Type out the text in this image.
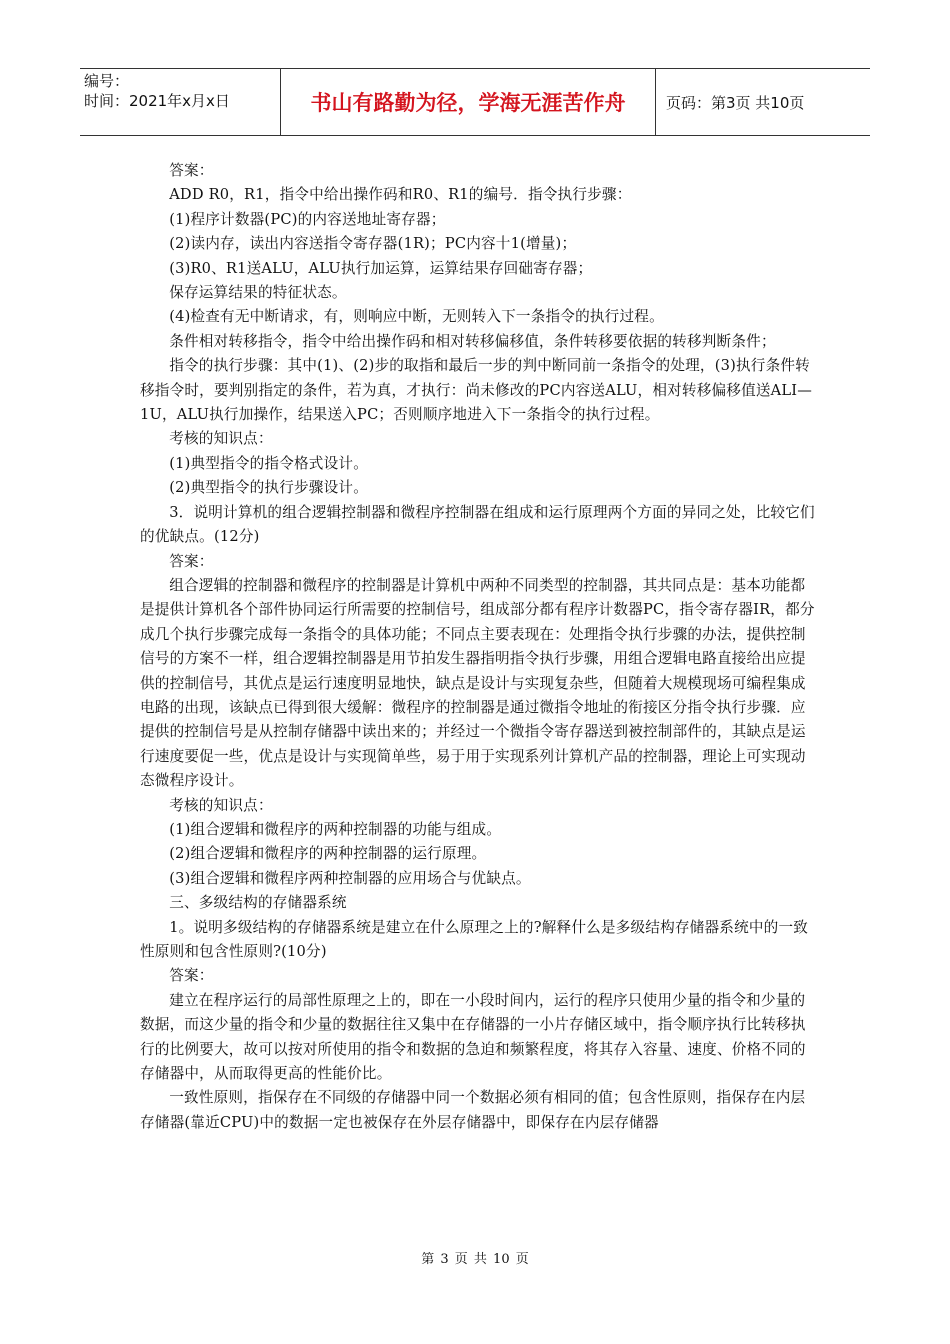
编号：
时间：2021年x月x日	书山有路勤为径，学海无涯苦作舟	页码：第3页 共10页

答案：

ADD R0，R1，指令中给出操作码和R0、R1的编号．指令执行步骤：

(1)程序计数器(PC)的内容送地址寄存器；

(2)读内存，读出内容送指令寄存器(1R)；PC内容十1(增量)；

(3)R0、R1送ALU，ALU执行加运算，运算结果存回础寄存器；

保存运算结果的特征状态。

(4)检查有无中断请求，有，则响应中断，无则转入下一条指令的执行过程。

条件相对转移指令，指令中给出操作码和相对转移偏移值，条件转移要依据的转移判断条件；

指令的执行步骤：其中(1)、(2)步的取指和最后一步的判中断同前一条指令的处理，(3)执行条件转移指令时，要判别指定的条件，若为真，才执行：尚未修改的PC内容送ALU，相对转移偏移值送ALI—1U，ALU执行加操作，结果送入PC；否则顺序地进入下一条指令的执行过程。

考核的知识点：

(1)典型指令的指令格式设计。

(2)典型指令的执行步骤设计。

3．说明计算机的组合逻辑控制器和微程序控制器在组成和运行原理两个方面的异同之处，比较它们的优缺点。(12分)

答案：

组合逻辑的控制器和微程序的控制器是计算机中两种不同类型的控制器，其共同点是：基本功能都是提供计算机各个部件协同运行所需要的控制信号，组成部分都有程序计数器PC，指令寄存器IR，都分成几个执行步骤完成每一条指令的具体功能；不同点主要表现在：处理指令执行步骤的办法，提供控制信号的方案不一样，组合逻辑控制器是用节拍发生器指明指令执行步骤，用组合逻辑电路直接给出应提供的控制信号，其优点是运行速度明显地快，缺点是设计与实现复杂些，但随着大规模现场可编程集成电路的出现，该缺点已得到很大缓解：微程序的控制器是通过微指令地址的衔接区分指令执行步骤．应提供的控制信号是从控制存储器中读出来的；并经过一个微指令寄存器送到被控制部件的，其缺点是运行速度要促一些，优点是设计与实现简单些，易于用于实现系列计算机产品的控制器，理论上可实现动态微程序设计。

考核的知识点：

(1)组合逻辑和微程序的两种控制器的功能与组成。

(2)组合逻辑和微程序的两种控制器的运行原理。

(3)组合逻辑和微程序两种控制器的应用场合与优缺点。

三、多级结构的存储器系统

1。说明多级结构的存储器系统是建立在什么原理之上的?解释什么是多级结构存储器系统中的一致性原则和包含性原则?(10分)

答案：

建立在程序运行的局部性原理之上的，即在一小段时间内，运行的程序只使用少量的指令和少量的数据，而这少量的指令和少量的数据往往又集中在存储器的一小片存储区域中，指令顺序执行比转移执行的比例要大，故可以按对所使用的指令和数据的急迫和频繁程度，将其存入容量、速度、价格不同的存储器中，从而取得更高的性能价比。

一致性原则，指保存在不同级的存储器中同一个数据必须有相同的值；包含性原则，指保存在内层存储器(靠近CPU)中的数据一定也被保存在外层存储器中，即保存在内层存储器

第 3 页 共 10 页
